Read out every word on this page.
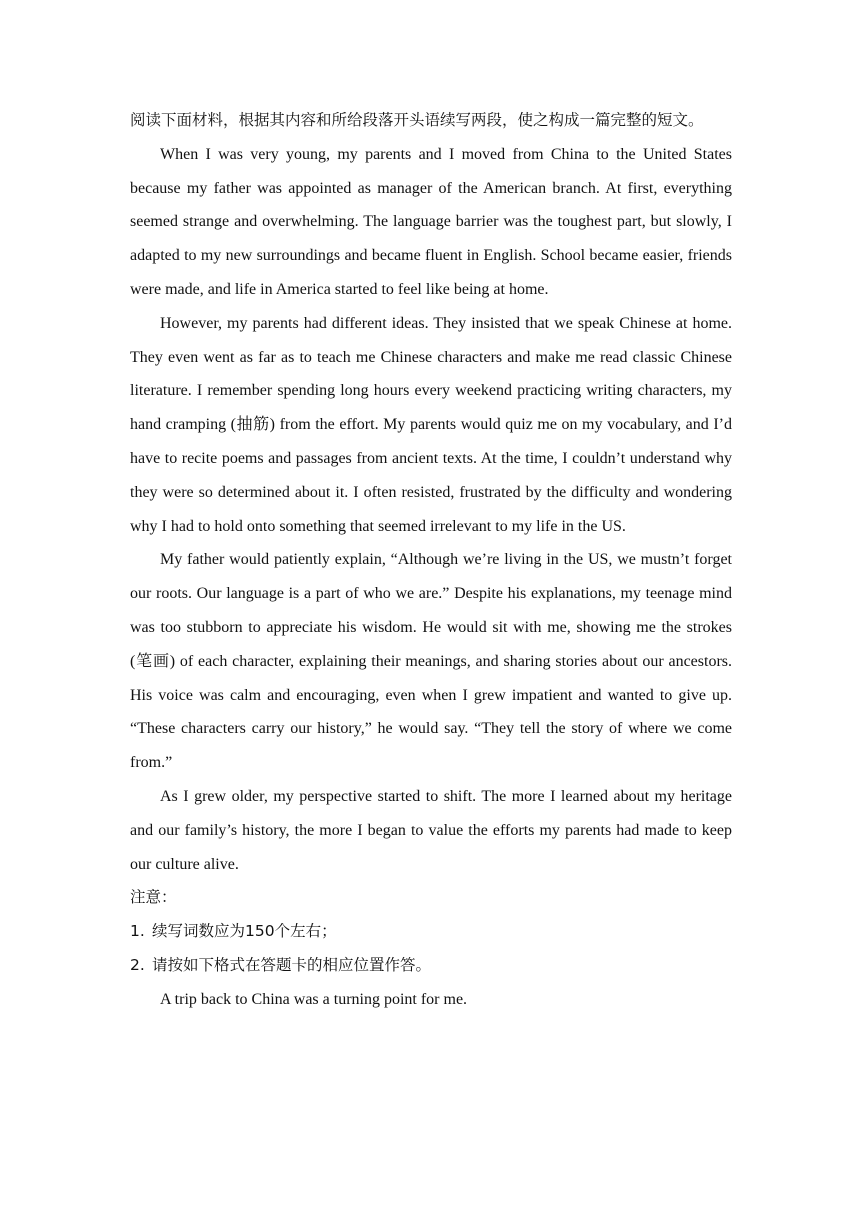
阅读下面材料，根据其内容和所给段落开头语续写两段，使之构成一篇完整的短文。

When I was very young, my parents and I moved from China to the United States because my father was appointed as manager of the American branch. At first, everything seemed strange and overwhelming. The language barrier was the toughest part, but slowly, I adapted to my new surroundings and became fluent in English. School became easier, friends were made, and life in America started to feel like being at home.

However, my parents had different ideas. They insisted that we speak Chinese at home. They even went as far as to teach me Chinese characters and make me read classic Chinese literature. I remember spending long hours every weekend practicing writing characters, my hand cramping (抽筋) from the effort. My parents would quiz me on my vocabulary, and I’d have to recite poems and passages from ancient texts. At the time, I couldn’t understand why they were so determined about it. I often resisted, frustrated by the difficulty and wondering why I had to hold onto something that seemed irrelevant to my life in the US.

My father would patiently explain, “Although we’re living in the US, we mustn’t forget our roots. Our language is a part of who we are.” Despite his explanations, my teenage mind was too stubborn to appreciate his wisdom. He would sit with me, showing me the strokes (笔画) of each character, explaining their meanings, and sharing stories about our ancestors. His voice was calm and encouraging, even when I grew impatient and wanted to give up. “These characters carry our history,” he would say. “They tell the story of where we come from.”

As I grew older, my perspective started to shift. The more I learned about my heritage and our family’s history, the more I began to value the efforts my parents had made to keep our culture alive.

注意：

1. 续写词数应为150个左右；
2. 请按如下格式在答题卡的相应位置作答。

A trip back to China was a turning point for me.
